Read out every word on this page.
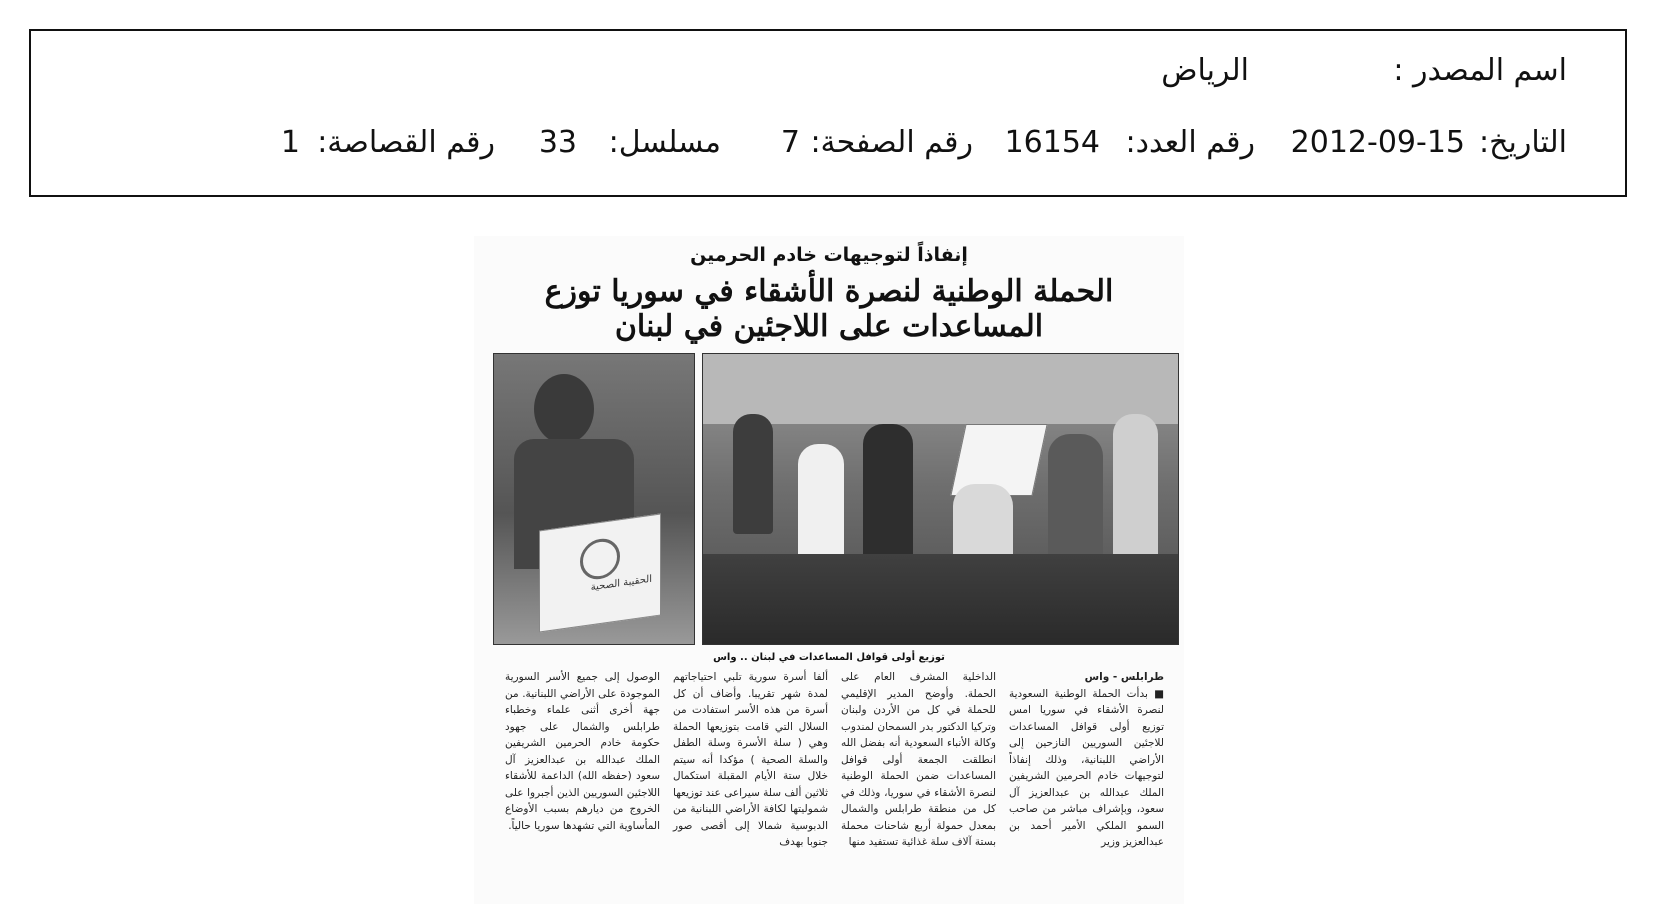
اسم المصدر :
الرياض
التاريخ:
2012-09-15
رقم العدد:
16154
رقم الصفحة:
7
مسلسل:
33
رقم القصاصة:
1
إنفاذاً لتوجيهات خادم الحرمين
الحملة الوطنية لنصرة الأشقاء في سوريا توزع المساعدات على اللاجئين في لبنان
الحقيبة الصحية
توزيع أولى قوافل المساعدات في لبنان .. واس

طرابلس - واس

■ بدأت الحملة الوطنية السعودية لنصرة الأشقاء في سوريا امس توزيع أولى قوافل المساعدات للاجئين السوريين النازحين إلى الأراضي اللبنانية، وذلك إنفاذاً لتوجيهات خادم الحرمين الشريفين الملك عبدالله بن عبدالعزيز آل سعود، وبإشراف مباشر من صاحب السمو الملكي الأمير أحمد بن عبدالعزيز وزير

الداخلية المشرف العام على الحملة. وأوضح المدير الإقليمي للحملة في كل من الأردن ولبنان وتركيا الدكتور بدر السمحان لمندوب وكالة الأنباء السعودية أنه بفضل الله انطلقت الجمعة أولى قوافل المساعدات ضمن الحملة الوطنية لنصرة الأشقاء في سوريا، وذلك في كل من منطقة طرابلس والشمال بمعدل حمولة أربع شاحنات محملة بستة آلاف سلة غذائية تستفيد منها

ألفا أسرة سورية تلبي احتياجاتهم لمدة شهر تقريبا. وأضاف أن كل أسرة من هذه الأسر استفادت من السلال التي قامت بتوزيعها الحملة وهي ( سلة الأسرة وسلة الطفل والسلة الصحية ) مؤكدا أنه سيتم خلال ستة الأيام المقبلة استكمال ثلاثين ألف سلة سيراعى عند توزيعها شموليتها لكافة الأراضي اللبنانية من الدبوسية شمالا إلى أقصى صور جنوبا بهدف

الوصول إلى جميع الأسر السورية الموجودة على الأراضي اللبنانية. من جهة أخرى أثنى علماء وخطباء طرابلس والشمال على جهود حكومة خادم الحرمين الشريفين الملك عبدالله بن عبدالعزيز آل سعود (حفظه الله) الداعمة للأشقاء اللاجئين السوريين الذين أجبروا على الخروج من ديارهم بسبب الأوضاع المأساوية التي تشهدها سوريا حالياً.
